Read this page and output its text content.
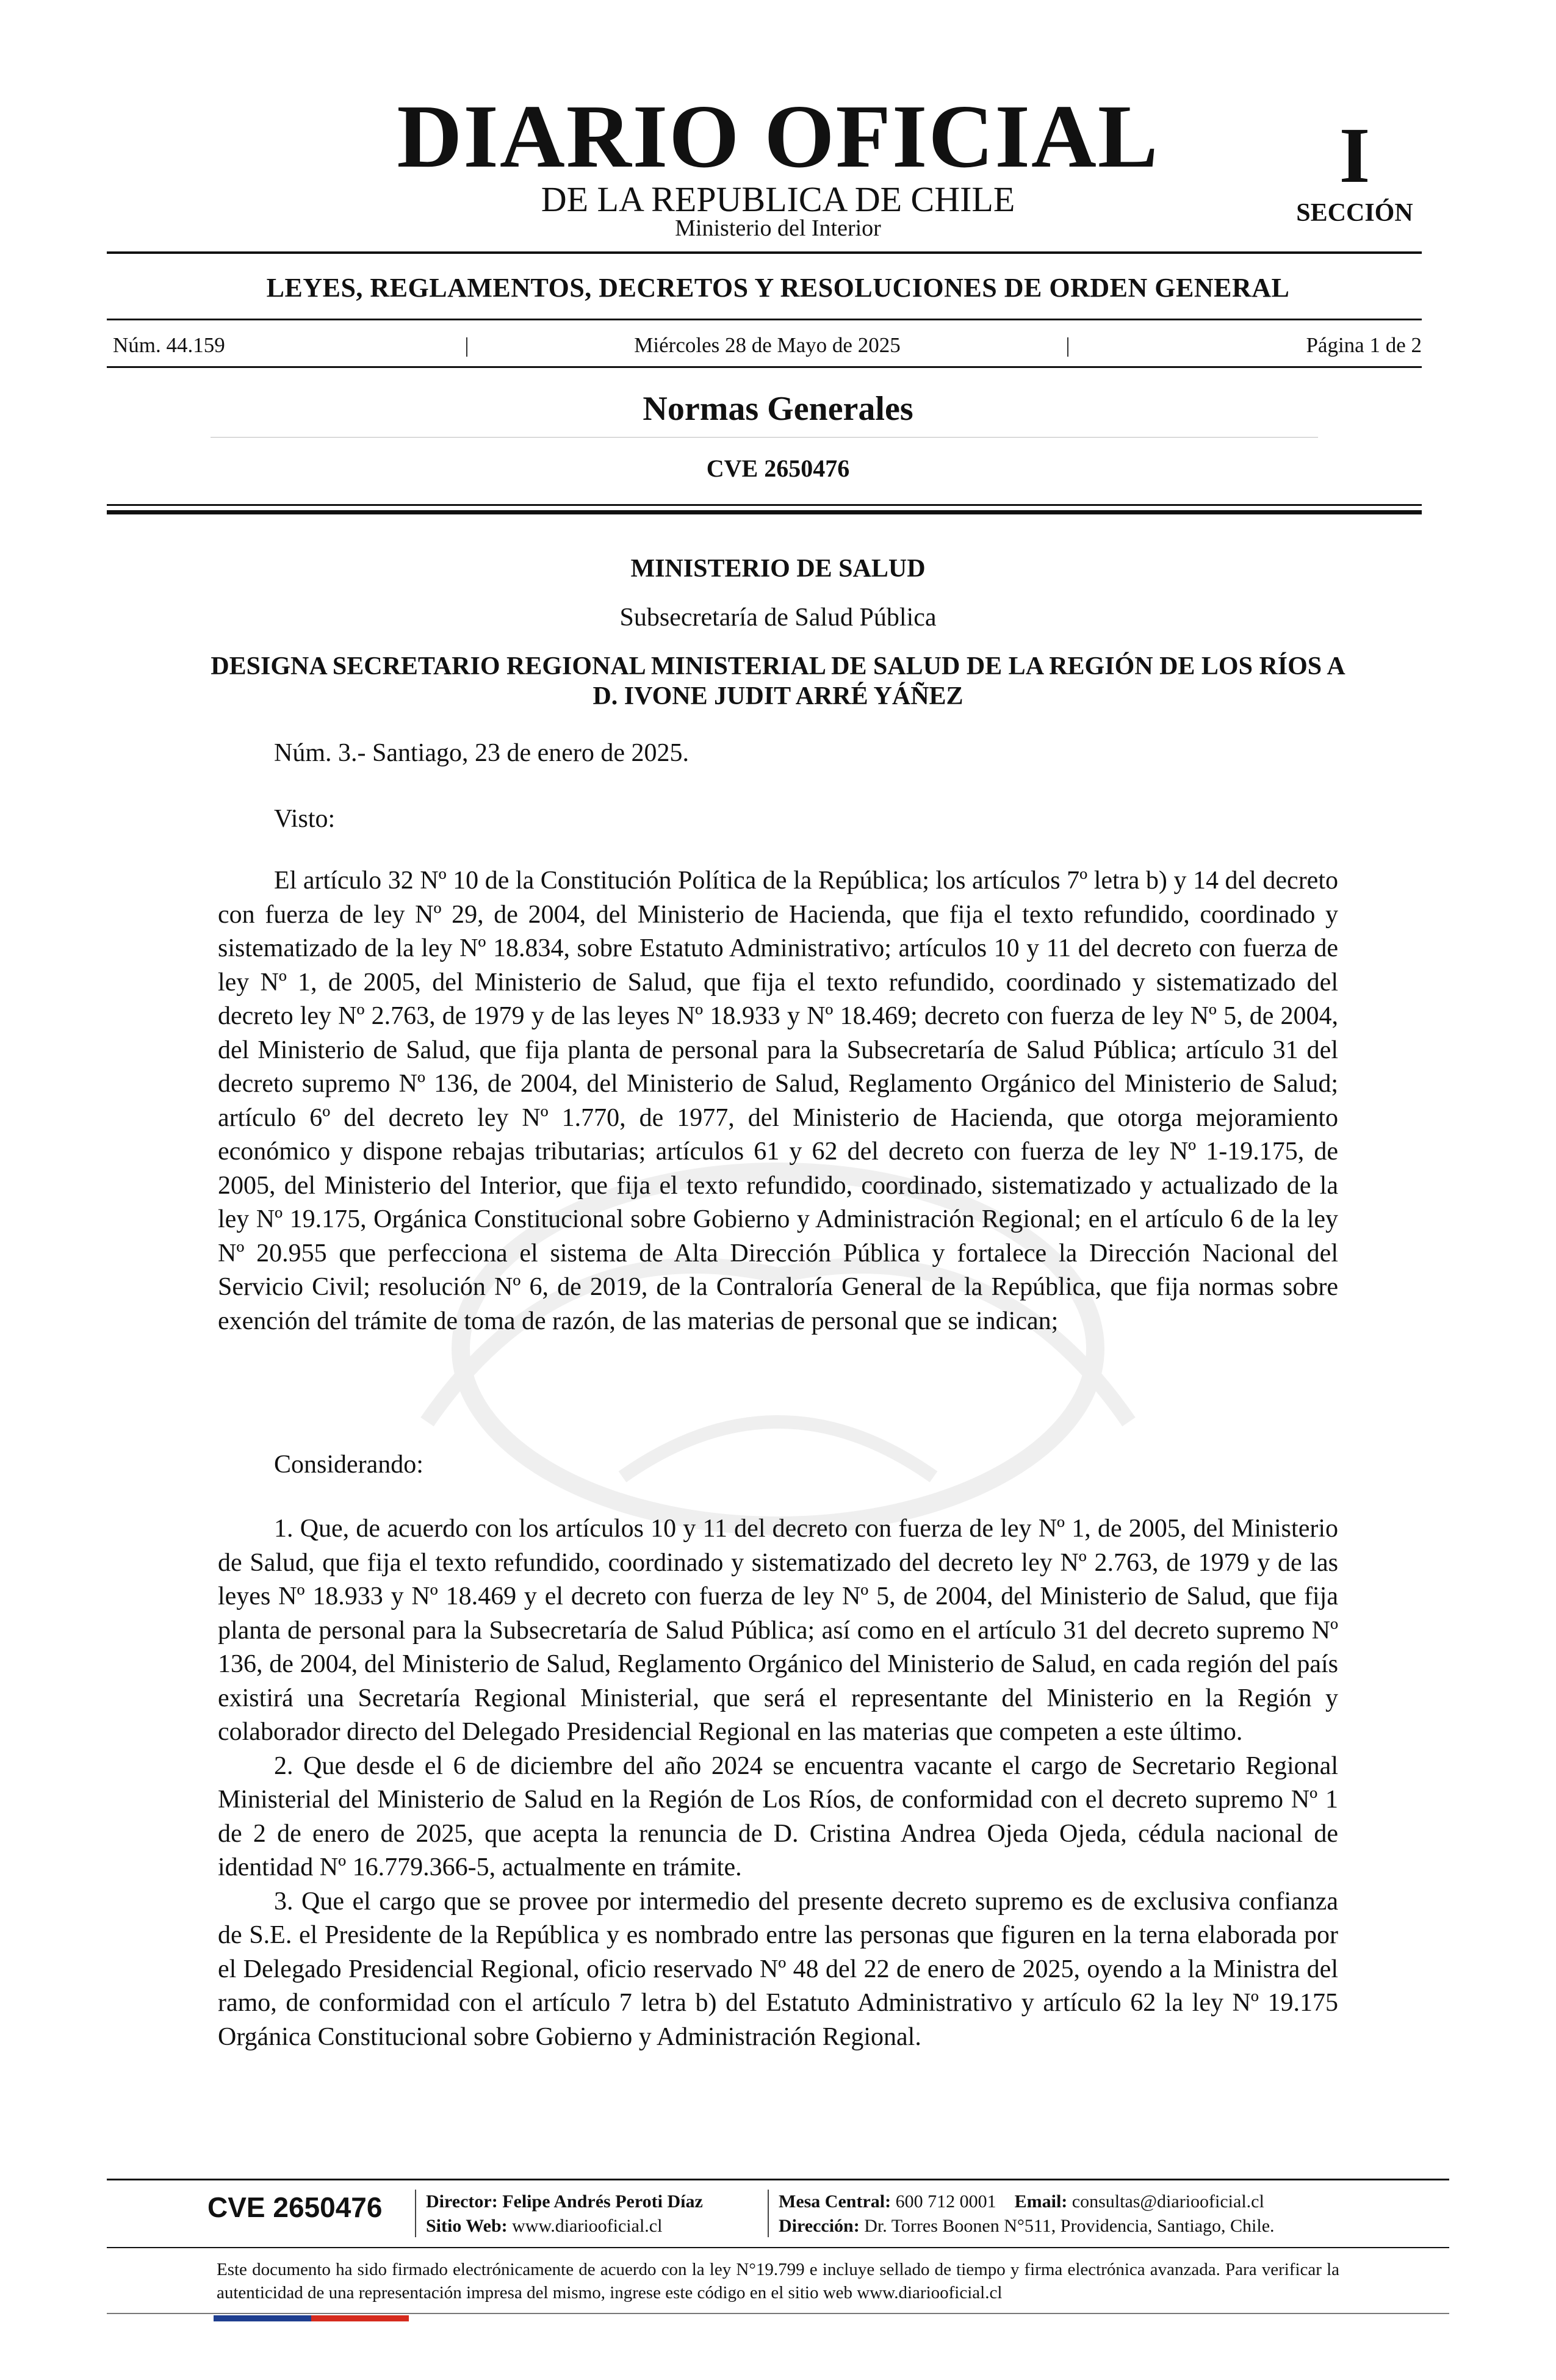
DIARIO OFICIAL
DE LA REPUBLICA DE CHILE
Ministerio del Interior
I
SECCIÓN
LEYES, REGLAMENTOS, DECRETOS Y RESOLUCIONES DE ORDEN GENERAL
Núm. 44.159	|	Miércoles 28 de Mayo de 2025	|	Página 1 de 2
Normas Generales
CVE 2650476
MINISTERIO DE SALUD
Subsecretaría de Salud Pública
DESIGNA SECRETARIO REGIONAL MINISTERIAL DE SALUD DE LA REGIÓN DE LOS RÍOS A D. IVONE JUDIT ARRÉ YÁÑEZ
Núm. 3.- Santiago, 23 de enero de 2025.
Visto:

El artículo 32 Nº 10 de la Constitución Política de la República; los artículos 7º letra b) y 14 del decreto con fuerza de ley Nº 29, de 2004, del Ministerio de Hacienda, que fija el texto refundido, coordinado y sistematizado de la ley Nº 18.834, sobre Estatuto Administrativo; artículos 10 y 11 del decreto con fuerza de ley Nº 1, de 2005, del Ministerio de Salud, que fija el texto refundido, coordinado y sistematizado del decreto ley Nº 2.763, de 1979 y de las leyes Nº 18.933 y Nº 18.469; decreto con fuerza de ley Nº 5, de 2004, del Ministerio de Salud, que fija planta de personal para la Subsecretaría de Salud Pública; artículo 31 del decreto supremo Nº 136, de 2004, del Ministerio de Salud, Reglamento Orgánico del Ministerio de Salud; artículo 6º del decreto ley Nº 1.770, de 1977, del Ministerio de Hacienda, que otorga mejoramiento económico y dispone rebajas tributarias; artículos 61 y 62 del decreto con fuerza de ley Nº 1-19.175, de 2005, del Ministerio del Interior, que fija el texto refundido, coordinado, sistematizado y actualizado de la ley Nº 19.175, Orgánica Constitucional sobre Gobierno y Administración Regional; en el artículo 6 de la ley Nº 20.955 que perfecciona el sistema de Alta Dirección Pública y fortalece la Dirección Nacional del Servicio Civil; resolución Nº 6, de 2019, de la Contraloría General de la República, que fija normas sobre exención del trámite de toma de razón, de las materias de personal que se indican;

Considerando:

1. Que, de acuerdo con los artículos 10 y 11 del decreto con fuerza de ley Nº 1, de 2005, del Ministerio de Salud, que fija el texto refundido, coordinado y sistematizado del decreto ley Nº 2.763, de 1979 y de las leyes Nº 18.933 y Nº 18.469 y el decreto con fuerza de ley Nº 5, de 2004, del Ministerio de Salud, que fija planta de personal para la Subsecretaría de Salud Pública; así como en el artículo 31 del decreto supremo Nº 136, de 2004, del Ministerio de Salud, Reglamento Orgánico del Ministerio de Salud, en cada región del país existirá una Secretaría Regional Ministerial, que será el representante del Ministerio en la Región y colaborador directo del Delegado Presidencial Regional en las materias que competen a este último.

2. Que desde el 6 de diciembre del año 2024 se encuentra vacante el cargo de Secretario Regional Ministerial del Ministerio de Salud en la Región de Los Ríos, de conformidad con el decreto supremo Nº 1 de 2 de enero de 2025, que acepta la renuncia de D. Cristina Andrea Ojeda Ojeda, cédula nacional de identidad Nº 16.779.366-5, actualmente en trámite.

3. Que el cargo que se provee por intermedio del presente decreto supremo es de exclusiva confianza de S.E. el Presidente de la República y es nombrado entre las personas que figuren en la terna elaborada por el Delegado Presidencial Regional, oficio reservado Nº 48 del 22 de enero de 2025, oyendo a la Ministra del ramo, de conformidad con el artículo 7 letra b) del Estatuto Administrativo y artículo 62 la ley Nº 19.175 Orgánica Constitucional sobre Gobierno y Administración Regional.

CVE 2650476	Director: Felipe Andrés Peroti Díaz
Sitio Web: www.diariooficial.cl
Mesa Central: 600 712 0001 Email: consultas@diariooficial.cl
Dirección: Dr. Torres Boonen N°511, Providencia, Santiago, Chile.
Este documento ha sido firmado electrónicamente de acuerdo con la ley N°19.799 e incluye sellado de tiempo y firma electrónica avanzada. Para verificar la autenticidad de una representación impresa del mismo, ingrese este código en el sitio web www.diariooficial.cl
